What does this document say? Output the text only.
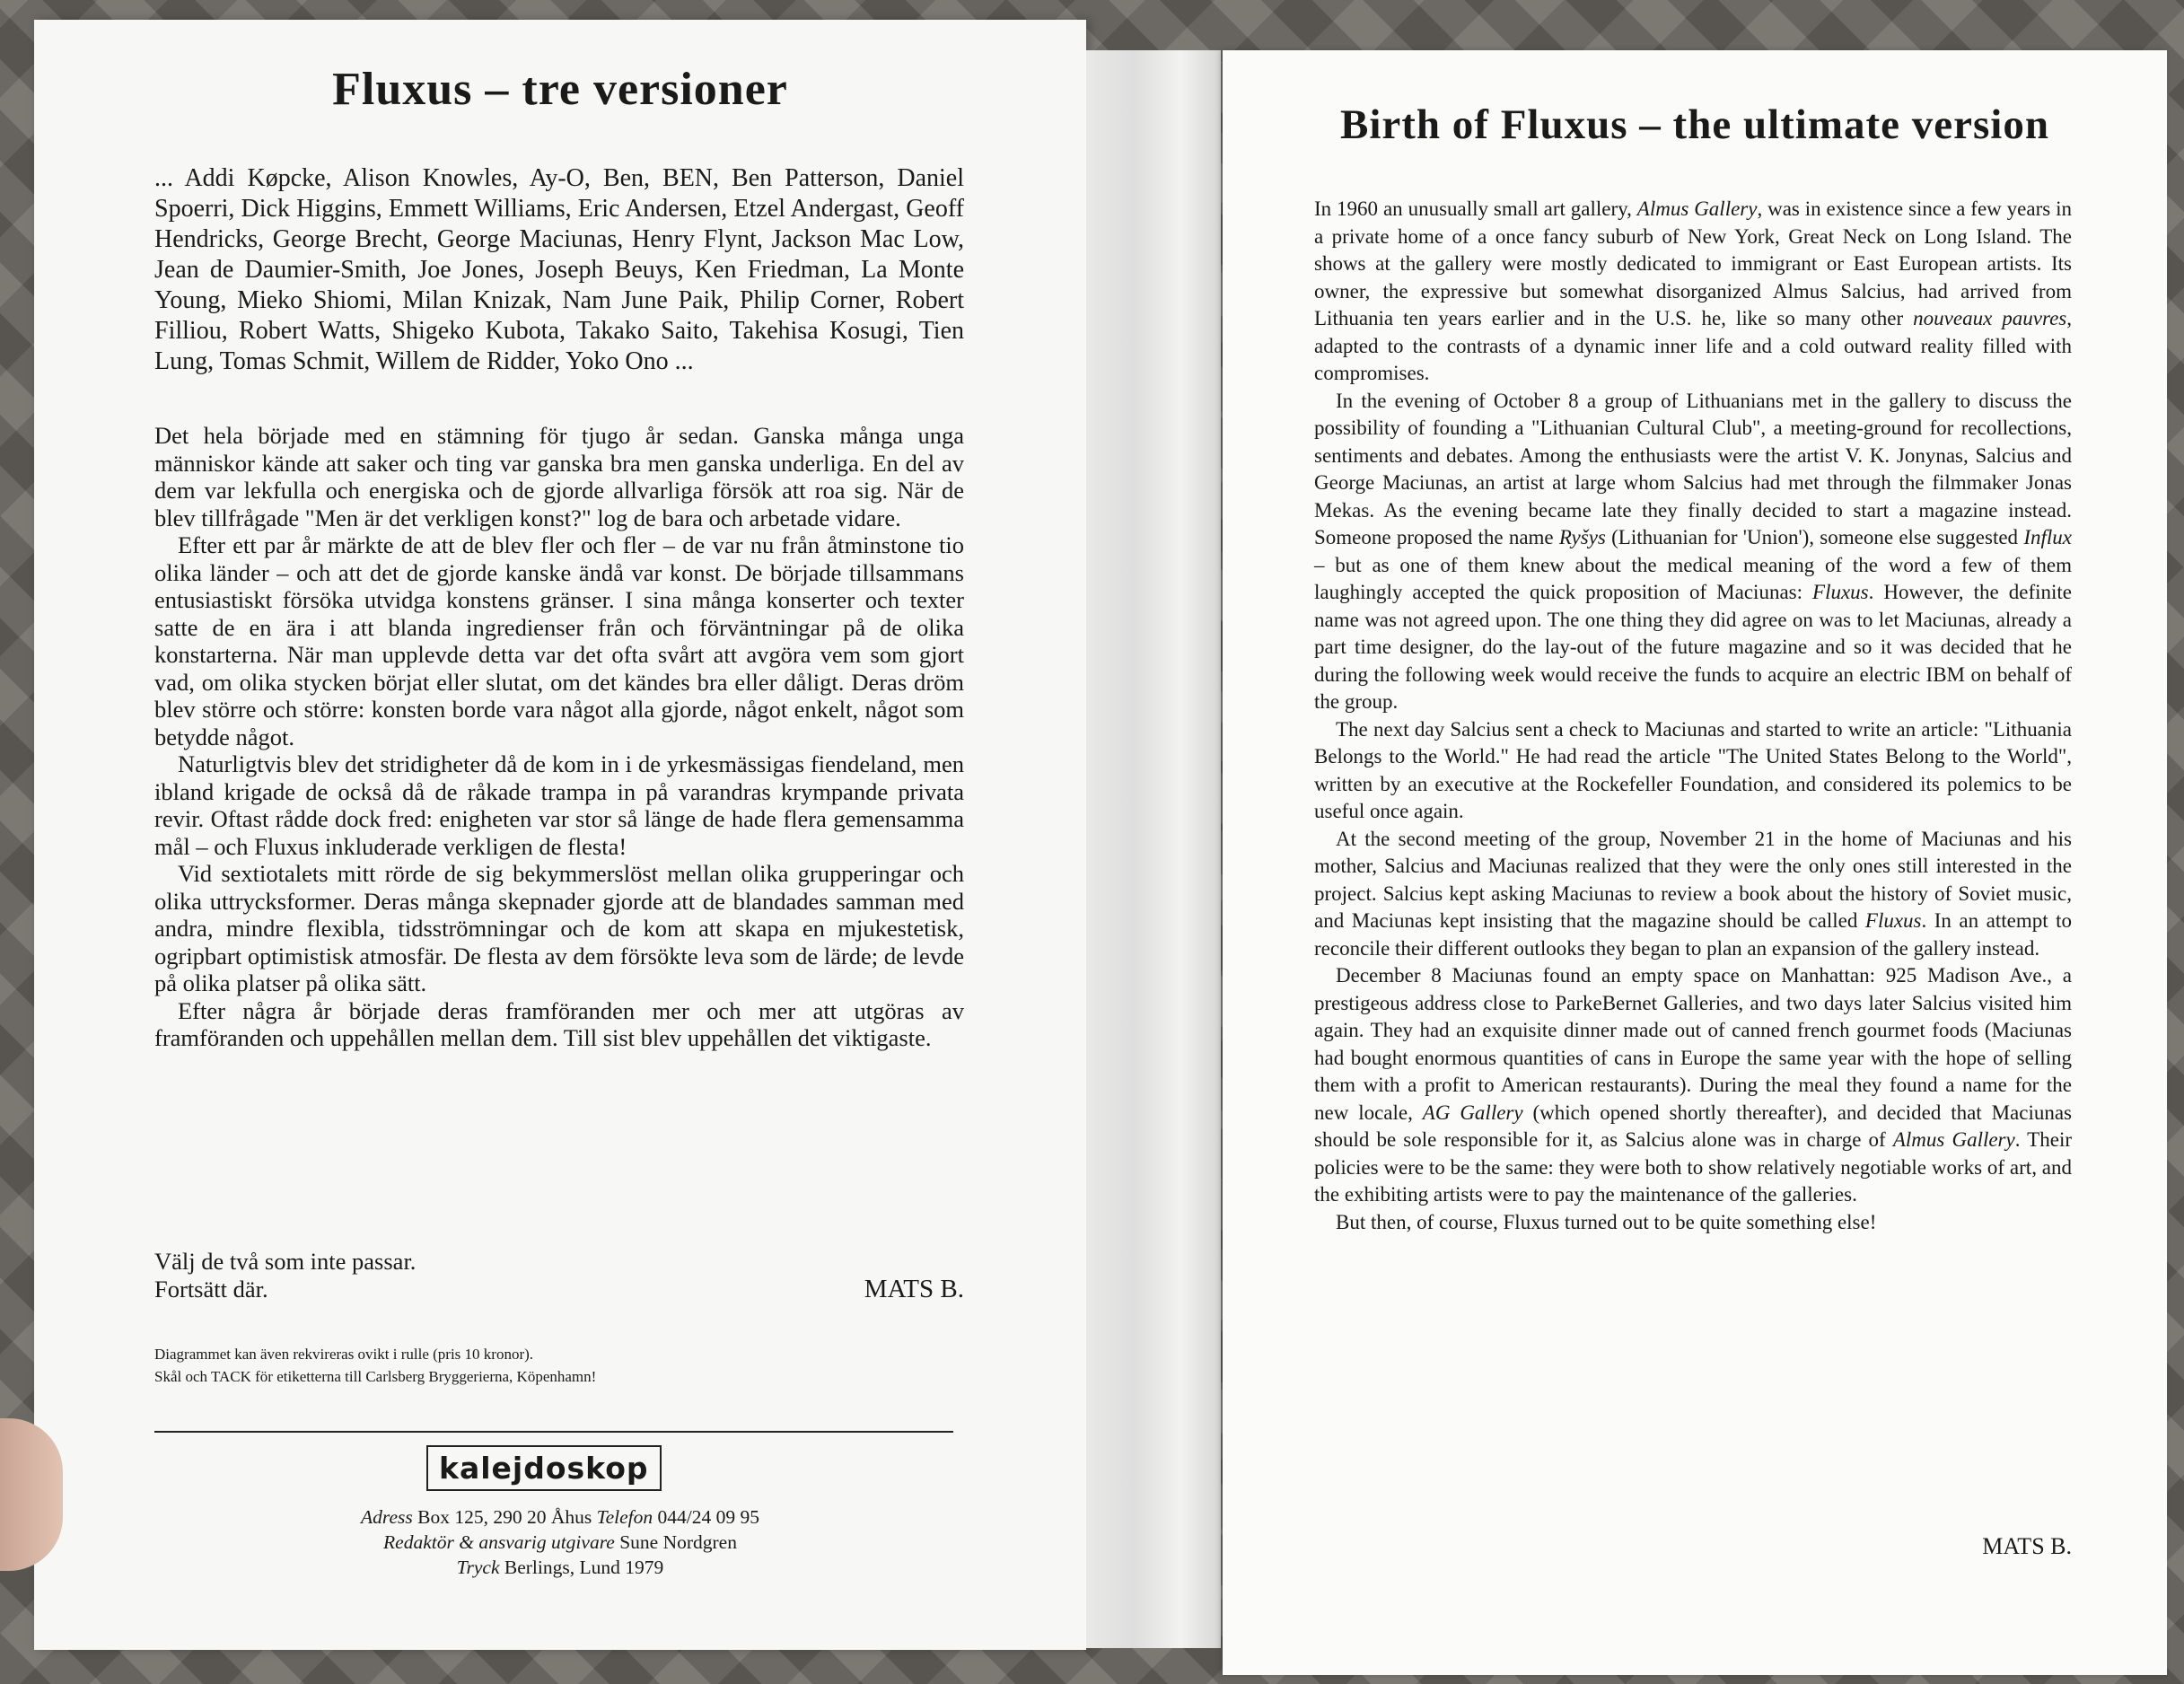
Fluxus – tre versioner

... Addi Køpcke, Alison Knowles, Ay-O, Ben, BEN, Ben Patterson, Daniel Spoerri, Dick Higgins, Emmett Williams, Eric Andersen, Etzel Andergast, Geoff Hendricks, George Brecht, George Maciunas, Henry Flynt, Jackson Mac Low, Jean de Daumier-Smith, Joe Jones, Joseph Beuys, Ken Friedman, La Monte Young, Mieko Shiomi, Milan Knizak, Nam June Paik, Philip Corner, Robert Filliou, Robert Watts, Shigeko Kubota, Takako Saito, Takehisa Kosugi, Tien Lung, Tomas Schmit, Willem de Ridder, Yoko Ono ...

Det hela började med en stämning för tjugo år sedan. Ganska många unga människor kände att saker och ting var ganska bra men ganska underliga. En del av dem var lekfulla och energiska och de gjorde allvarliga försök att roa sig. När de blev tillfrågade "Men är det verkligen konst?" log de bara och arbetade vidare.

Efter ett par år märkte de att de blev fler och fler – de var nu från åtminstone tio olika länder – och att det de gjorde kanske ändå var konst. De började tillsammans entusiastiskt försöka utvidga konstens gränser. I sina många konserter och texter satte de en ära i att blanda ingredienser från och förväntningar på de olika konstarterna. När man upplevde detta var det ofta svårt att avgöra vem som gjort vad, om olika stycken börjat eller slutat, om det kändes bra eller dåligt. Deras dröm blev större och större: konsten borde vara något alla gjorde, något enkelt, något som betydde något.

Naturligtvis blev det stridigheter då de kom in i de yrkesmässigas fiendeland, men ibland krigade de också då de råkade trampa in på varandras krympande privata revir. Oftast rådde dock fred: enigheten var stor så länge de hade flera gemensamma mål – och Fluxus inkluderade verkligen de flesta!

Vid sextiotalets mitt rörde de sig bekymmerslöst mellan olika grupperingar och olika uttrycksformer. Deras många skepnader gjorde att de blandades samman med andra, mindre flexibla, tidsströmningar och de kom att skapa en mjukestetisk, ogripbart optimistisk atmosfär. De flesta av dem försökte leva som de lärde; de levde på olika platser på olika sätt.

Efter några år började deras framföranden mer och mer att utgöras av framföranden och uppehållen mellan dem. Till sist blev uppehållen det viktigaste.

Välj de två som inte passar.
Fortsätt där.	MATS B.
Diagrammet kan även rekvireras ovikt i rulle (pris 10 kronor).
Skål och TACK för etiketterna till Carlsberg Bryggerierna, Köpenhamn!
kalejdoskop
Adress Box 125, 290 20 Åhus Telefon 044/24 09 95
Redaktör & ansvarig utgivare Sune Nordgren
Tryck Berlings, Lund 1979
Birth of Fluxus – the ultimate version

In 1960 an unusually small art gallery, Almus Gallery, was in existence since a few years in a private home of a once fancy suburb of New York, Great Neck on Long Island. The shows at the gallery were mostly dedicated to immigrant or East European artists. Its owner, the expressive but somewhat disorganized Almus Salcius, had arrived from Lithuania ten years earlier and in the U.S. he, like so many other nouveaux pauvres, adapted to the contrasts of a dynamic inner life and a cold outward reality filled with compromises.

In the evening of October 8 a group of Lithuanians met in the gallery to discuss the possibility of founding a "Lithuanian Cultural Club", a meeting-ground for recollections, sentiments and debates. Among the enthusiasts were the artist V. K. Jonynas, Salcius and George Maciunas, an artist at large whom Salcius had met through the filmmaker Jonas Mekas. As the evening became late they finally decided to start a magazine instead. Someone proposed the name Ryšys (Lithuanian for 'Union'), someone else suggested Influx – but as one of them knew about the medical meaning of the word a few of them laughingly accepted the quick proposition of Maciunas: Fluxus. However, the definite name was not agreed upon. The one thing they did agree on was to let Maciunas, already a part time designer, do the lay-out of the future magazine and so it was decided that he during the following week would receive the funds to acquire an electric IBM on behalf of the group.

The next day Salcius sent a check to Maciunas and started to write an article: "Lithuania Belongs to the World." He had read the article "The United States Belong to the World", written by an executive at the Rockefeller Foundation, and considered its polemics to be useful once again.

At the second meeting of the group, November 21 in the home of Maciunas and his mother, Salcius and Maciunas realized that they were the only ones still interested in the project. Salcius kept asking Maciunas to review a book about the history of Soviet music, and Maciunas kept insisting that the magazine should be called Fluxus. In an attempt to reconcile their different outlooks they began to plan an expansion of the gallery instead.

December 8 Maciunas found an empty space on Manhattan: 925 Madison Ave., a prestigeous address close to ParkeBernet Galleries, and two days later Salcius visited him again. They had an exquisite dinner made out of canned french gourmet foods (Maciunas had bought enormous quantities of cans in Europe the same year with the hope of selling them with a profit to American restaurants). During the meal they found a name for the new locale, AG Gallery (which opened shortly thereafter), and decided that Maciunas should be sole responsible for it, as Salcius alone was in charge of Almus Gallery. Their policies were to be the same: they were both to show relatively negotiable works of art, and the exhibiting artists were to pay the maintenance of the galleries.

But then, of course, Fluxus turned out to be quite something else!

MATS B.
